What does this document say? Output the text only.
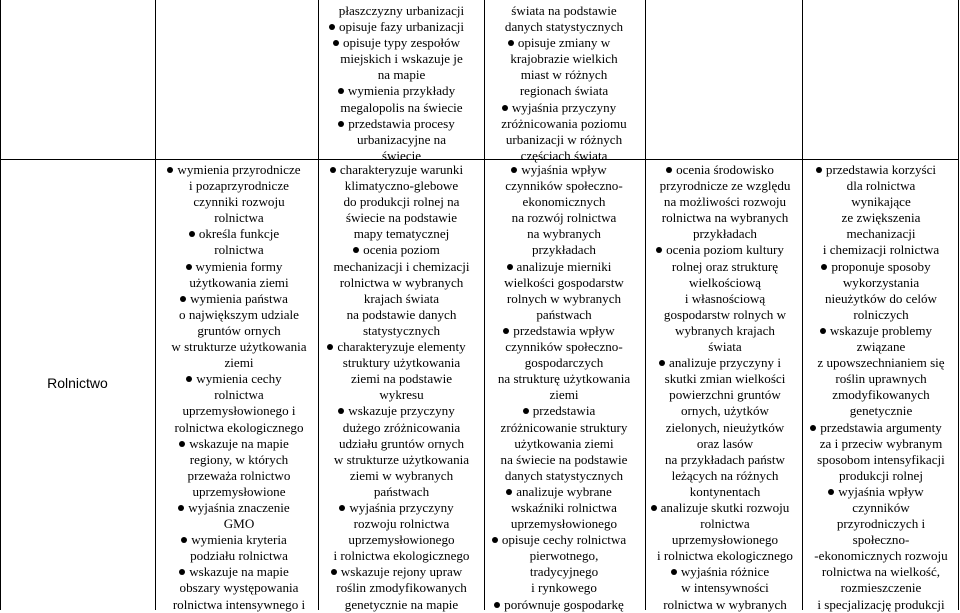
Rolnictwo
wymienia przyrodnicze
i pozaprzyrodnicze
czynniki rozwoju
rolnictwa
określa funkcje
rolnictwa
wymienia formy
użytkowania ziemi
wymienia państwa
o największym udziale
gruntów ornych
w strukturze użytkowania
ziemi
wymienia cechy
rolnictwa
uprzemysłowionego i
rolnictwa ekologicznego
wskazuje na mapie
regiony, w których
przeważa rolnictwo
uprzemysłowione
wyjaśnia znaczenie
GMO
wymienia kryteria
podziału rolnictwa
wskazuje na mapie
obszary występowania
rolnictwa intensywnego i
płaszczyzny urbanizacji
opisuje fazy urbanizacji
opisuje typy zespołów
miejskich i wskazuje je
na mapie
wymienia przykłady
megalopolis na świecie
przedstawia procesy
urbanizacyjne na
świecie
charakteryzuje warunki
klimatyczno-glebowe
do produkcji rolnej na
świecie na podstawie
mapy tematycznej
ocenia poziom
mechanizacji i chemizacji
rolnictwa w wybranych
krajach świata
na podstawie danych
statystycznych
charakteryzuje elementy
struktury użytkowania
ziemi na podstawie
wykresu
wskazuje przyczyny
dużego zróżnicowania
udziału gruntów ornych
w strukturze użytkowania
ziemi w wybranych
państwach
wyjaśnia przyczyny
rozwoju rolnictwa
uprzemysłowionego
i rolnictwa ekologicznego
wskazuje rejony upraw
roślin zmodyfikowanych
genetycznie na mapie
świata na podstawie
danych statystycznych
opisuje zmiany w
krajobrazie wielkich
miast w różnych
regionach świata
wyjaśnia przyczyny
zróżnicowania poziomu
urbanizacji w różnych
częściach świata
wyjaśnia wpływ
czynników społeczno-
ekonomicznych
na rozwój rolnictwa
na wybranych
przykładach
analizuje mierniki
wielkości gospodarstw
rolnych w wybranych
państwach
przedstawia wpływ
czynników społeczno-
gospodarczych
na strukturę użytkowania
ziemi
przedstawia
zróżnicowanie struktury
użytkowania ziemi
na świecie na podstawie
danych statystycznych
analizuje wybrane
wskaźniki rolnictwa
uprzemysłowionego
opisuje cechy rolnictwa
pierwotnego,
tradycyjnego
i rynkowego
porównuje gospodarkę
ocenia środowisko
przyrodnicze ze względu
na możliwości rozwoju
rolnictwa na wybranych
przykładach
ocenia poziom kultury
rolnej oraz strukturę
wielkościową
i własnościową
gospodarstw rolnych w
wybranych krajach
świata
analizuje przyczyny i
skutki zmian wielkości
powierzchni gruntów
ornych, użytków
zielonych, nieużytków
oraz lasów
na przykładach państw
leżących na różnych
kontynentach
analizuje skutki rozwoju
rolnictwa
uprzemysłowionego
i rolnictwa ekologicznego
wyjaśnia różnice
w intensywności
rolnictwa w wybranych
przedstawia korzyści
dla rolnictwa
wynikające
ze zwiększenia
mechanizacji
i chemizacji rolnictwa
proponuje sposoby
wykorzystania
nieużytków do celów
rolniczych
wskazuje problemy
związane
z upowszechnianiem się
roślin uprawnych
zmodyfikowanych
genetycznie
przedstawia argumenty
za i przeciw wybranym
sposobom intensyfikacji
produkcji rolnej
wyjaśnia wpływ
czynników
przyrodniczych i
społeczno-
-ekonomicznych rozwoju
rolnictwa na wielkość,
rozmieszczenie
i specjalizację produkcji
